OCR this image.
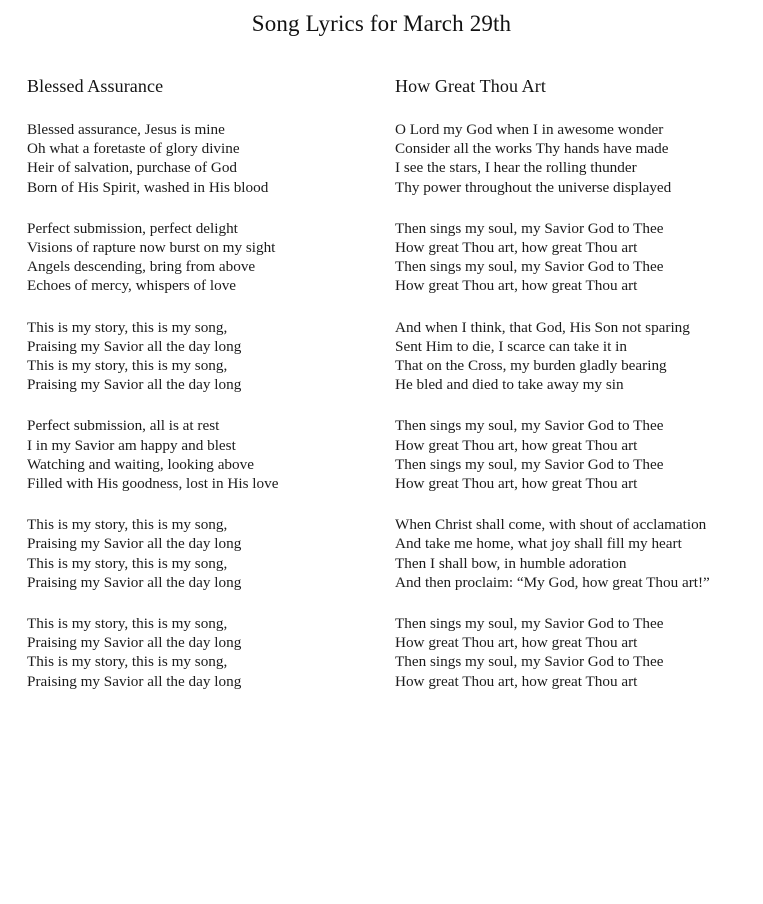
Song Lyrics for March 29th
Blessed Assurance
Blessed assurance, Jesus is mine
Oh what a foretaste of glory divine
Heir of salvation, purchase of God
Born of His Spirit, washed in His blood
Perfect submission, perfect delight
Visions of rapture now burst on my sight
Angels descending, bring from above
Echoes of mercy, whispers of love
This is my story, this is my song,
Praising my Savior all the day long
This is my story, this is my song,
Praising my Savior all the day long
Perfect submission, all is at rest
I in my Savior am happy and blest
Watching and waiting, looking above
Filled with His goodness, lost in His love
This is my story, this is my song,
Praising my Savior all the day long
This is my story, this is my song,
Praising my Savior all the day long
This is my story, this is my song,
Praising my Savior all the day long
This is my story, this is my song,
Praising my Savior all the day long
How Great Thou Art
O Lord my God when I in awesome wonder
Consider all the works Thy hands have made
I see the stars, I hear the rolling thunder
Thy power throughout the universe displayed
Then sings my soul, my Savior God to Thee
How great Thou art, how great Thou art
Then sings my soul, my Savior God to Thee
How great Thou art, how great Thou art
And when I think, that God, His Son not sparing
Sent Him to die, I scarce can take it in
That on the Cross, my burden gladly bearing
He bled and died to take away my sin
Then sings my soul, my Savior God to Thee
How great Thou art, how great Thou art
Then sings my soul, my Savior God to Thee
How great Thou art, how great Thou art
When Christ shall come, with shout of acclamation
And take me home, what joy shall fill my heart
Then I shall bow, in humble adoration
And then proclaim: “My God, how great Thou art!”
Then sings my soul, my Savior God to Thee
How great Thou art, how great Thou art
Then sings my soul, my Savior God to Thee
How great Thou art, how great Thou art
